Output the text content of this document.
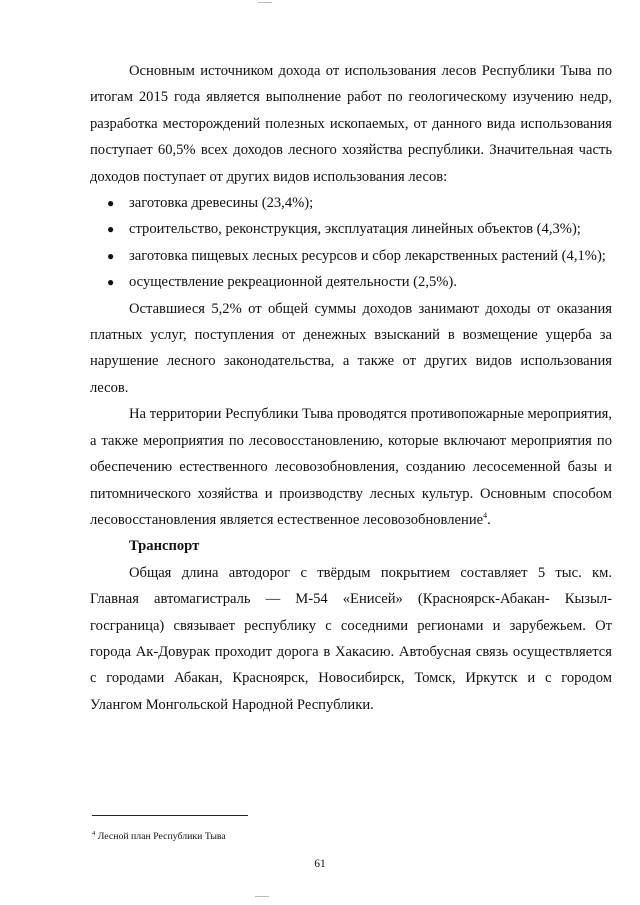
Основным источником дохода от использования лесов Республики Тыва по итогам 2015 года является выполнение работ по геологическому изучению недр, разработка месторождений полезных ископаемых, от данного вида использования поступает 60,5% всех доходов лесного хозяйства республики. Значительная часть доходов поступает от других видов использования лесов:

● заготовка древесины (23,4%);
● строительство, реконструкция, эксплуатация линейных объектов (4,3%);
● заготовка пищевых лесных ресурсов и сбор лекарственных растений (4,1%);
● осуществление рекреационной деятельности (2,5%).

Оставшиеся 5,2% от общей суммы доходов занимают доходы от оказания платных услуг, поступления от денежных взысканий в возмещение ущерба за нарушение лесного законодательства, а также от других видов использования лесов.

На территории Республики Тыва проводятся противопожарные мероприятия, а также мероприятия по лесовосстановлению, которые включают мероприятия по обеспечению естественного лесовозобновления, созданию лесосеменной базы и питомнического хозяйства и производству лесных культур. Основным способом лесовосстановления является естественное лесовозобновление$^4$.

Транспорт

Общая длина автодорог с твёрдым покрытием составляет 5 тыс. км.

Главная автомагистраль — М-54 «Енисей» (Красноярск-Абакан- Кызыл-госграница) связывает республику с соседними регионами и зарубежьем. От города Ак-Довурак проходит дорога в Хакасию. Автобусная связь осуществляется с городами Абакан, Красноярск, Новосибирск, Томск, Иркутск и с городом Улангом Монгольской Народной Республики.

$^4$ Лесной план Республики Тыва
61
